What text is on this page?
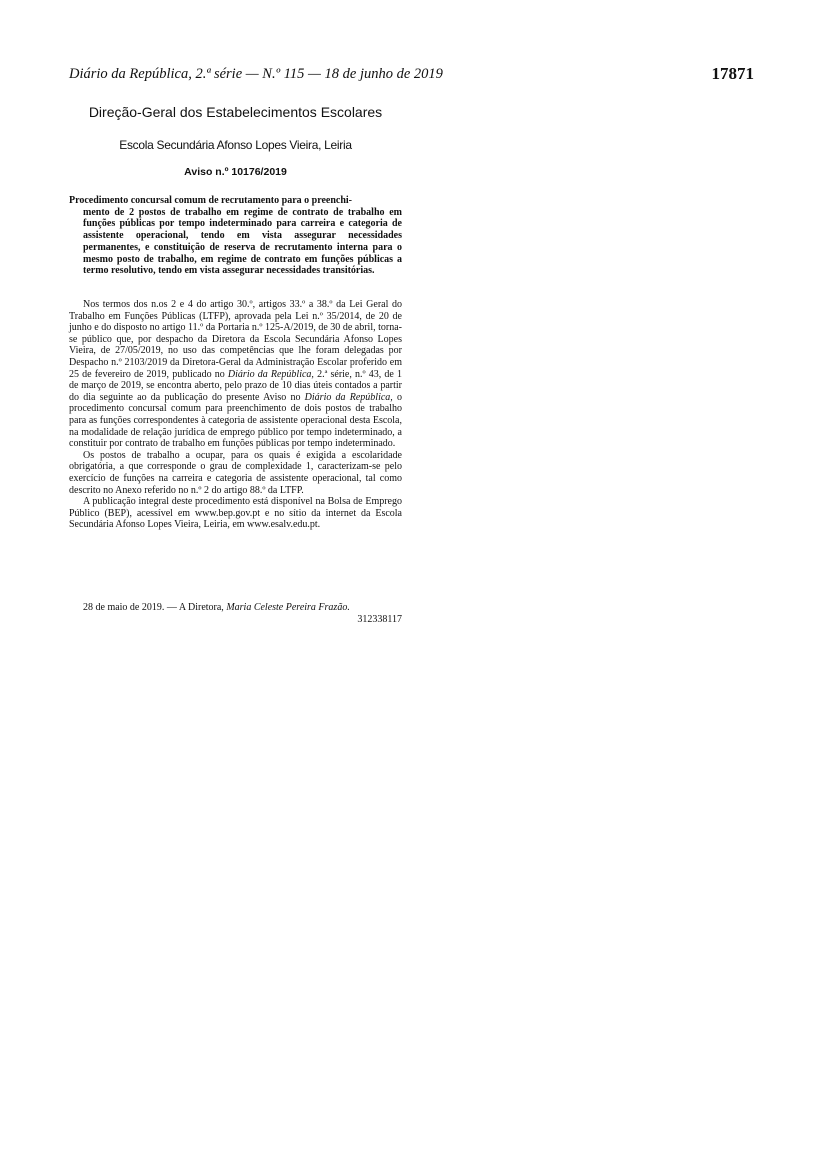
Diário da República, 2.ª série — N.º 115 — 18 de junho de 2019	17871
Direção-Geral dos Estabelecimentos Escolares
Escola Secundária Afonso Lopes Vieira, Leiria
Aviso n.º 10176/2019
Procedimento concursal comum de recrutamento para o preenchi-
mento de 2 postos de trabalho em regime de contrato de trabalho em funções públicas por tempo indeterminado para carreira e categoria de assistente operacional, tendo em vista assegurar necessidades permanentes, e constituição de reserva de recrutamento interna para o mesmo posto de trabalho, em regime de contrato em funções públicas a termo resolutivo, tendo em vista assegurar necessidades transitórias.

Nos termos dos n.os 2 e 4 do artigo 30.º, artigos 33.º a 38.º da Lei Geral do Trabalho em Funções Públicas (LTFP), aprovada pela Lei n.º 35/2014, de 20 de junho e do disposto no artigo 11.º da Portaria n.º 125-A/2019, de 30 de abril, torna-se público que, por despacho da Diretora da Escola Secundária Afonso Lopes Vieira, de 27/05/2019, no uso das competências que lhe foram delegadas por Despacho n.º 2103/2019 da Diretora-Geral da Administração Escolar proferido em 25 de fevereiro de 2019, publicado no Diário da República, 2.ª série, n.º 43, de 1 de março de 2019, se encontra aberto, pelo prazo de 10 dias úteis contados a partir do dia seguinte ao da publicação do presente Aviso no Diário da República, o procedimento concursal comum para preenchimento de dois postos de trabalho para as funções correspondentes à categoria de assistente operacional desta Escola, na modalidade de relação jurídica de emprego público por tempo indeterminado, a constituir por contrato de trabalho em funções públicas por tempo indeterminado.

Os postos de trabalho a ocupar, para os quais é exigida a escolaridade obrigatória, a que corresponde o grau de complexidade 1, caracterizam-se pelo exercício de funções na carreira e categoria de assistente operacional, tal como descrito no Anexo referido no n.º 2 do artigo 88.º da LTFP.

A publicação integral deste procedimento está disponível na Bolsa de Emprego Público (BEP), acessível em www.bep.gov.pt e no sítio da internet da Escola Secundária Afonso Lopes Vieira, Leiria, em www.esalv.edu.pt.

28 de maio de 2019. — A Diretora, Maria Celeste Pereira Frazão.
312338117
